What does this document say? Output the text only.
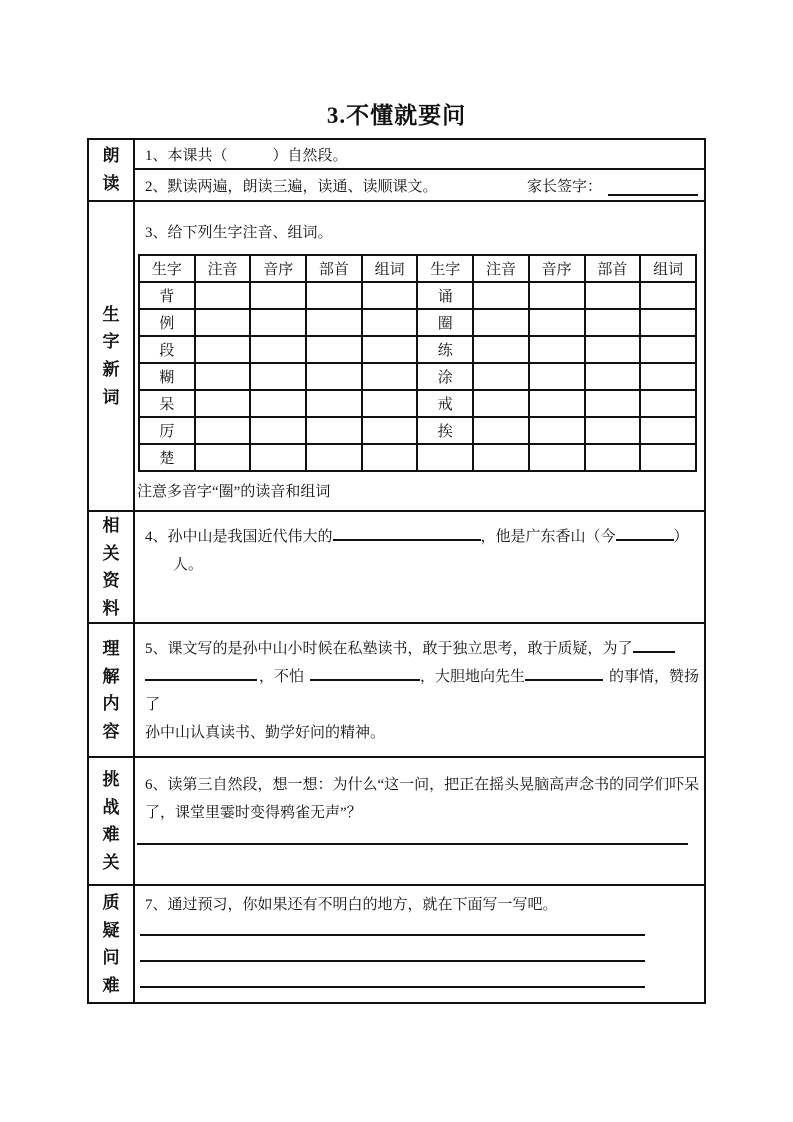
3.不懂就要问
朗读
1、本课共（　　　）自然段。
2、默读两遍，朗读三遍，读通、读顺课文。	家长签字：
生字新词
3、给下列生字注音、组词。
生字	注音	音序	部首	组词	生字	注音	音序	部首	组词
背					诵				
例					圈				
段					练				
糊					涂				
呆					戒				
厉					挨				
楚									
注意多音字“圈”的读音和组词
相关资料
4、孙中山是我国近代伟大的	，他是广东香山（今	）
人。
理解内容
5、课文写的是孙中山小时候在私塾读书，敢于独立思考，敢于质疑，为了
，不怕	，大胆地向先生	的事情，赞扬了
孙中山认真读书、勤学好问的精神。
挑战难关
6、读第三自然段，想一想：为什么“这一问，把正在摇头晃脑高声念书的同学们吓呆了，课堂里霎时变得鸦雀无声”？
质疑问难
7、通过预习，你如果还有不明白的地方，就在下面写一写吧。
